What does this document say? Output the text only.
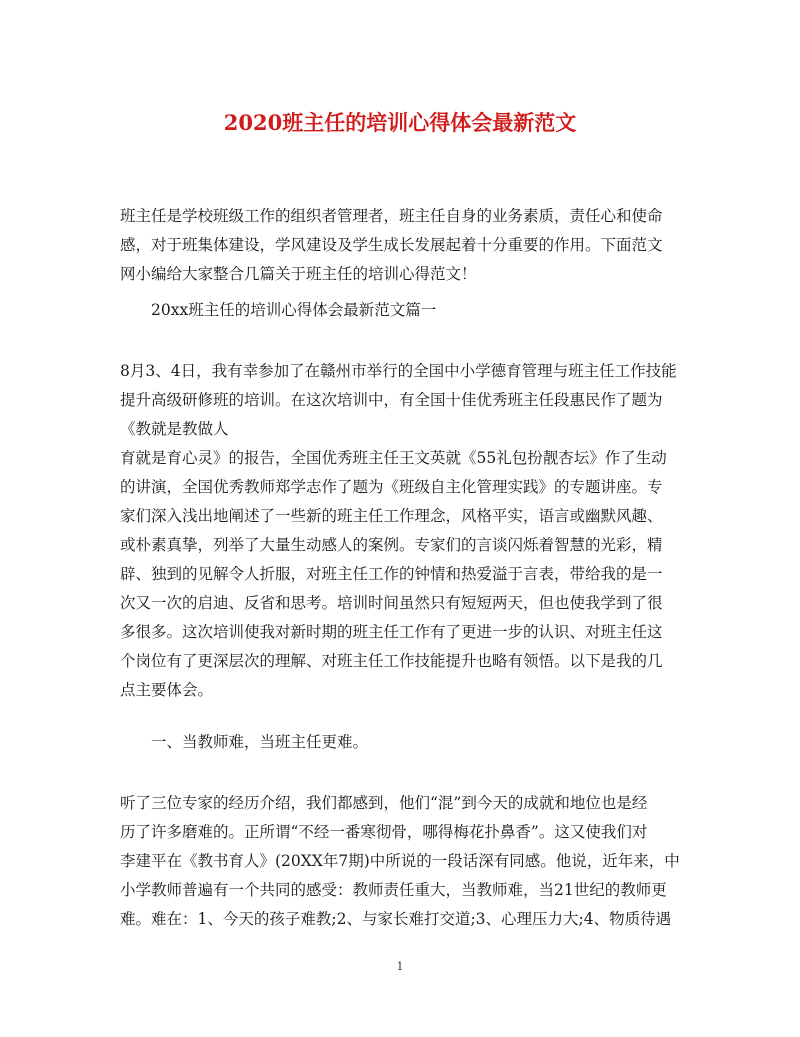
2020班主任的培训心得体会最新范文

班主任是学校班级工作的组织者管理者，班主任自身的业务素质，责任心和使命
感，对于班集体建设，学风建设及学生成长发展起着十分重要的作用。下面范文
网小编给大家整合几篇关于班主任的培训心得范文！

20xx班主任的培训心得体会最新范文篇一

8月3、4日，我有幸参加了在赣州市举行的全国中小学德育管理与班主任工作技能
提升高级研修班的培训。在这次培训中，有全国十佳优秀班主任段惠民作了题为
《教就是教做人
育就是育心灵》的报告，全国优秀班主任王文英就《55礼包扮靓杏坛》作了生动
的讲演，全国优秀教师郑学志作了题为《班级自主化管理实践》的专题讲座。专
家们深入浅出地阐述了一些新的班主任工作理念，风格平实，语言或幽默风趣、
或朴素真挚，列举了大量生动感人的案例。专家们的言谈闪烁着智慧的光彩，精
辟、独到的见解令人折服，对班主任工作的钟情和热爱溢于言表，带给我的是一
次又一次的启迪、反省和思考。培训时间虽然只有短短两天，但也使我学到了很
多很多。这次培训使我对新时期的班主任工作有了更进一步的认识、对班主任这
个岗位有了更深层次的理解、对班主任工作技能提升也略有领悟。以下是我的几
点主要体会。

一、当教师难，当班主任更难。

听了三位专家的经历介绍，我们都感到，他们“混”到今天的成就和地位也是经
历了许多磨难的。正所谓“不经一番寒彻骨，哪得梅花扑鼻香”。这又使我们对
李建平在《教书育人》(20XX年7期)中所说的一段话深有同感。他说，近年来，中
小学教师普遍有一个共同的感受：教师责任重大，当教师难，当21世纪的教师更
难。难在：1、今天的孩子难教;2、与家长难打交道;3、心理压力大;4、物质待遇

1
